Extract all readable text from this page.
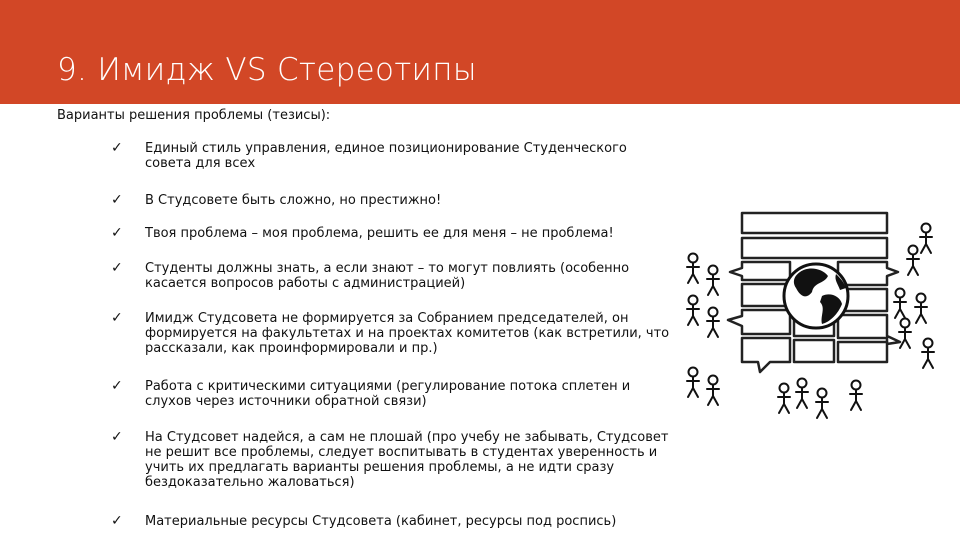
9. Имидж VS Стереотипы
Варианты решения проблемы (тезисы):
✓ Единый стиль управления, единое позиционирование Студенческого
совета для всех
✓ В Студсовете быть сложно, но престижно!
✓ Твоя проблема – моя проблема, решить ее для меня – не проблема!
✓ Студенты должны знать, а если знают – то могут повлиять (особенно
касается вопросов работы с администрацией)
✓ Имидж Студсовета не формируется за Собранием председателей, он
формируется на факультетах и на проектах комитетов (как встретили, что
рассказали, как проинформировали и пр.)
✓ Работа с критическими ситуациями (регулирование потока сплетен и
слухов через источники обратной связи)
✓ На Студсовет надейся, а сам не плошай (про учебу не забывать, Студсовет
не решит все проблемы, следует воспитывать в студентах уверенность и
учить их предлагать варианты решения проблемы, а не идти сразу
бездоказательно жаловаться)
✓ Материальные ресурсы Студсовета (кабинет, ресурсы под роспись)
